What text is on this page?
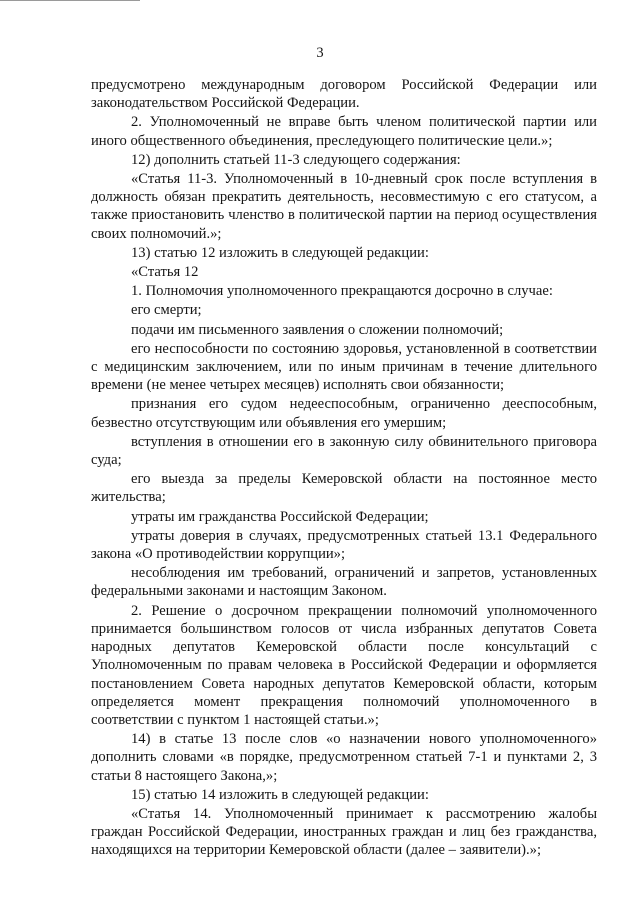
3

предусмотрено международным договором Российской Федерации или законодательством Российской Федерации.

2. Уполномоченный не вправе быть членом политической партии или иного общественного объединения, преследующего политические цели.»;

12) дополнить статьей 11-3 следующего содержания:

«Статья 11-3. Уполномоченный в 10-дневный срок после вступления в должность обязан прекратить деятельность, несовместимую с его статусом, а также приостановить членство в политической партии на период осуществления своих полномочий.»;

13) статью 12 изложить в следующей редакции:

«Статья 12

1. Полномочия уполномоченного прекращаются досрочно в случае:

его смерти;

подачи им письменного заявления о сложении полномочий;

его неспособности по состоянию здоровья, установленной в соответствии с медицинским заключением, или по иным причинам в течение длительного времени (не менее четырех месяцев) исполнять свои обязанности;

признания его судом недееспособным, ограниченно дееспособным, безвестно отсутствующим или объявления его умершим;

вступления в отношении его в законную силу обвинительного приговора суда;

его выезда за пределы Кемеровской области на постоянное место жительства;

утраты им гражданства Российской Федерации;

утраты доверия в случаях, предусмотренных статьей 13.1 Федерального закона «О противодействии коррупции»;

несоблюдения им требований, ограничений и запретов, установленных федеральными законами и настоящим Законом.

2. Решение о досрочном прекращении полномочий уполномоченного принимается большинством голосов от числа избранных депутатов Совета народных депутатов Кемеровской области после консультаций с Уполномоченным по правам человека в Российской Федерации и оформляется постановлением Совета народных депутатов Кемеровской области, которым определяется момент прекращения полномочий уполномоченного в соответствии с пунктом 1 настоящей статьи.»;

14) в статье 13 после слов «о назначении нового уполномоченного» дополнить словами «в порядке, предусмотренном статьей 7-1 и пунктами 2, 3 статьи 8 настоящего Закона,»;

15) статью 14 изложить в следующей редакции:

«Статья 14. Уполномоченный принимает к рассмотрению жалобы граждан Российской Федерации, иностранных граждан и лиц без гражданства, находящихся на территории Кемеровской области (далее – заявители).»;
